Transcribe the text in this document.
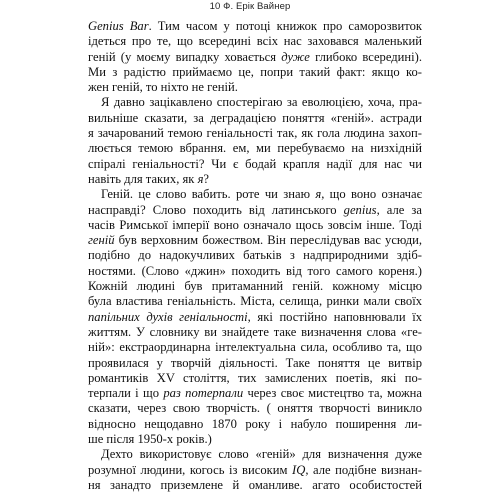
10 Ф. Ерік Вайнер
Genius Bar. Тим часом у потоці книжок про саморозвиток
ідеться про те, що всередині всіх нас заховався маленький
геній (у моєму випадку ховається дуже глибоко всередині).
Ми з радістю приймаємо це, попри такий факт: якщо ко-
жен геній, то ніхто не геній.
Я давно зацікавлено спостерігаю за еволюцією, хоча, пра-
вильніше сказати, за деградацією поняття «геній». астради
я зачарований темою геніальності так, як гола людина захоп-
люється темою вбрання. ем, ми перебуваємо на низхідній
спіралі геніальності? Чи є бодай крапля надії для нас чи
навіть для таких, як я?
Геній. це слово вабить. роте чи знаю я, що воно означає
насправді? Слово походить від латинського genius, але за
часів Римської імперії воно означало щось зовсім інше. Тоді
геній був верховним божеством. Він переслідував вас усюди,
подібно до надокучливих батьків з надприродними здіб-
ностями. (Слово «джин» походить від того самого кореня.)
Кожній людині був притаманний геній. кожному місцю
була властива геніальність. Міста, селища, ринки мали своїх
папільних духів геніальності, які постійно наповнювали їх
життям. У словнику ви знайдете таке визначення слова «ге-
ній»: екстраординарна інтелектуальна сила, особливо та, що
проявилася у творчій діяльності. Таке поняття це витвір
романтиків XV століття, тих замислених поетів, які по-
терпали і що раз потерпали через своє мистецтво та, можна
сказати, через свою творчість. ( оняття творчості виникло
відносно нещодавно 1870 року і набуло поширення ли-
ше після 1950-х років.)
Дехто використовує слово «геній» для визначення дуже
розумної людини, когось із високим IQ, але подібне визнан-
ня занадто приземлене й оманливе. агато особистостей
